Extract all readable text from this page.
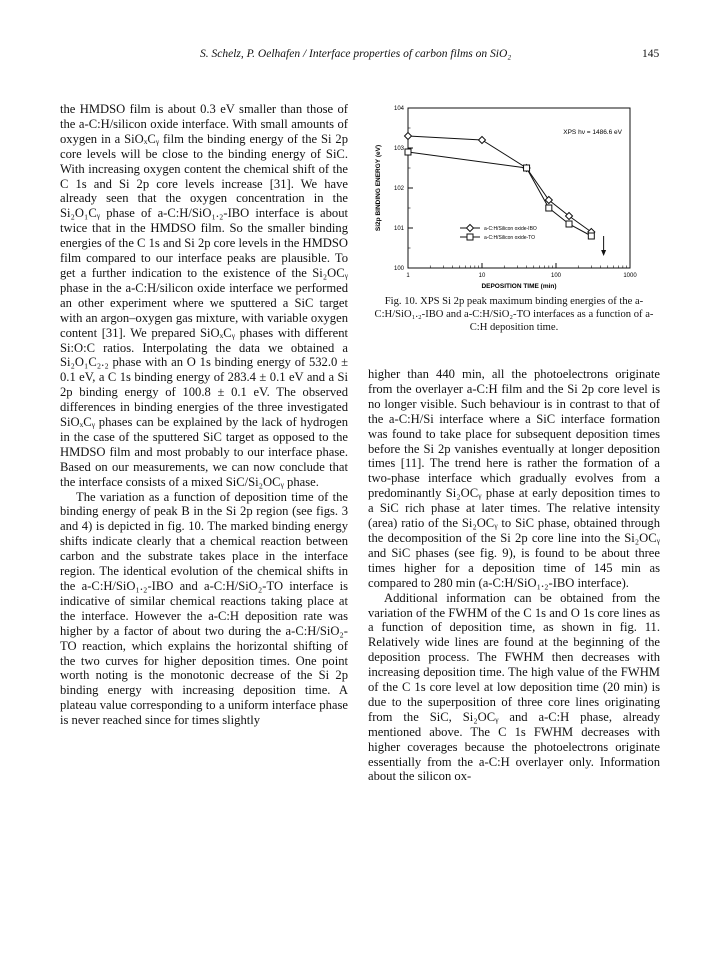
S. Schelz, P. Oelhafen / Interface properties of carbon films on SiO₂	145

the HMDSO film is about 0.3 eV smaller than those of the a-C:H/silicon oxide interface. With small amounts of oxygen in a SiOₓCᵧ film the binding energy of the Si 2p core levels will be close to the binding energy of SiC. With increasing oxygen content the chemical shift of the C 1s and Si 2p core levels increase [31]. We have already seen that the oxygen concentration in the Si₂O₁Cᵧ phase of a-C:H/SiO₁.₂-IBO interface is about twice that in the HMDSO film. So the smaller binding energies of the C 1s and Si 2p core levels in the HMDSO film compared to our interface peaks are plausible. To get a further indication to the existence of the Si₂OCᵧ phase in the a-C:H/silicon oxide interface we performed an other experiment where we sputtered a SiC target with an argon–oxygen gas mixture, with variable oxygen content [31]. We prepared SiOₓCᵧ phases with different Si:O:C ratios. Interpolating the data we obtained a Si₂O₁C₂.₂ phase with an O 1s binding energy of 532.0 ± 0.1 eV, a C 1s binding energy of 283.4 ± 0.1 eV and a Si 2p binding energy of 100.8 ± 0.1 eV. The observed differences in binding energies of the three investigated SiOₓCᵧ phases can be explained by the lack of hydrogen in the case of the sputtered SiC target as opposed to the HMDSO film and most probably to our interface phase. Based on our measurements, we can now conclude that the interface consists of a mixed SiC/Si₂OCᵧ phase.

The variation as a function of deposition time of the binding energy of peak B in the Si 2p region (see figs. 3 and 4) is depicted in fig. 10. The marked binding energy shifts indicate clearly that a chemical reaction between carbon and the substrate takes place in the interface region. The identical evolution of the chemical shifts in the a-C:H/SiO₁.₂-IBO and a-C:H/SiO₂-TO interface is indicative of similar chemical reactions taking place at the interface. However the a-C:H deposition rate was higher by a factor of about two during the a-C:H/SiO₂-TO reaction, which explains the horizontal shifting of the two curves for higher deposition times. One point worth noting is the monotonic decrease of the Si 2p binding energy with increasing deposition time. A plateau value corresponding to a uniform interface phase is never reached since for times slightly

1	10	100	1000
100
101
102
103
104
DEPOSITION TIME (min)
Si2p BINDING ENERGY (eV)
XPS hν = 1486.6 eV
a-C:H/Silicon oxide-IBO
a-C:H/Silicon oxide-TO
Fig. 10. XPS Si 2p peak maximum binding energies of the a-C:H/SiO₁.₂-IBO and a-C:H/SiO₂-TO interfaces as a function of a-C:H deposition time.

higher than 440 min, all the photoelectrons originate from the overlayer a-C:H film and the Si 2p core level is no longer visible. Such behaviour is in contrast to that of the a-C:H/Si interface where a SiC interface formation was found to take place for subsequent deposition times before the Si 2p vanishes eventually at longer deposition times [11]. The trend here is rather the formation of a two-phase interface which gradually evolves from a predominantly Si₂OCᵧ phase at early deposition times to a SiC rich phase at later times. The relative intensity (area) ratio of the Si₂OCᵧ to SiC phase, obtained through the decomposition of the Si 2p core line into the Si₂OCᵧ and SiC phases (see fig. 9), is found to be about three times higher for a deposition time of 145 min as compared to 280 min (a-C:H/SiO₁.₂-IBO interface).

Additional information can be obtained from the variation of the FWHM of the C 1s and O 1s core lines as a function of deposition time, as shown in fig. 11. Relatively wide lines are found at the beginning of the deposition process. The FWHM then decreases with increasing deposition time. The high value of the FWHM of the C 1s core level at low deposition time (20 min) is due to the superposition of three core lines originating from the SiC, Si₂OCᵧ and a-C:H phase, already mentioned above. The C 1s FWHM decreases with higher coverages because the photoelectrons originate essentially from the a-C:H overlayer only. Information about the silicon ox-
